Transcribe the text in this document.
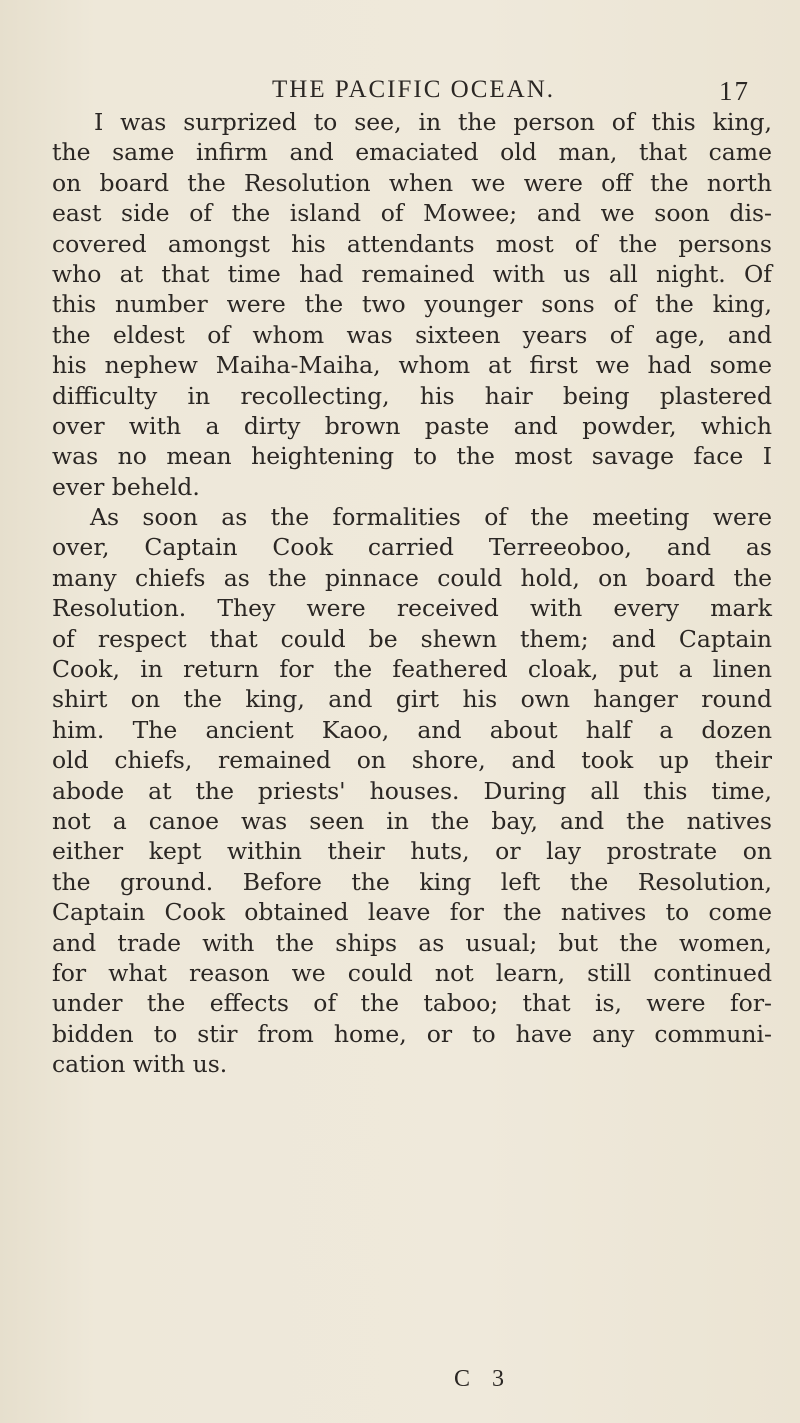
THE PACIFIC OCEAN.	17
I was surprized to see, in the person of this king,
the same infirm and emaciated old man, that came
on board the Resolution when we were off the north
east side of the island of Mowee; and we soon dis-
covered amongst his attendants most of the persons
who at that time had remained with us all night. Of
this number were the two younger sons of the king,
the eldest of whom was sixteen years of age, and
his nephew Maiha-Maiha, whom at first we had some
difficulty in recollecting, his hair being plastered
over with a dirty brown paste and powder, which
was no mean heightening to the most savage face I
ever beheld.
As soon as the formalities of the meeting were
over, Captain Cook carried Terreeoboo, and as
many chiefs as the pinnace could hold, on board the
Resolution. They were received with every mark
of respect that could be shewn them; and Captain
Cook, in return for the feathered cloak, put a linen
shirt on the king, and girt his own hanger round
him. The ancient Kaoo, and about half a dozen
old chiefs, remained on shore, and took up their
abode at the priests' houses. During all this time,
not a canoe was seen in the bay, and the natives
either kept within their huts, or lay prostrate on
the ground. Before the king left the Resolution,
Captain Cook obtained leave for the natives to come
and trade with the ships as usual; but the women,
for what reason we could not learn, still continued
under the effects of the taboo; that is, were for-
bidden to stir from home, or to have any communi-
cation with us.
C 3
